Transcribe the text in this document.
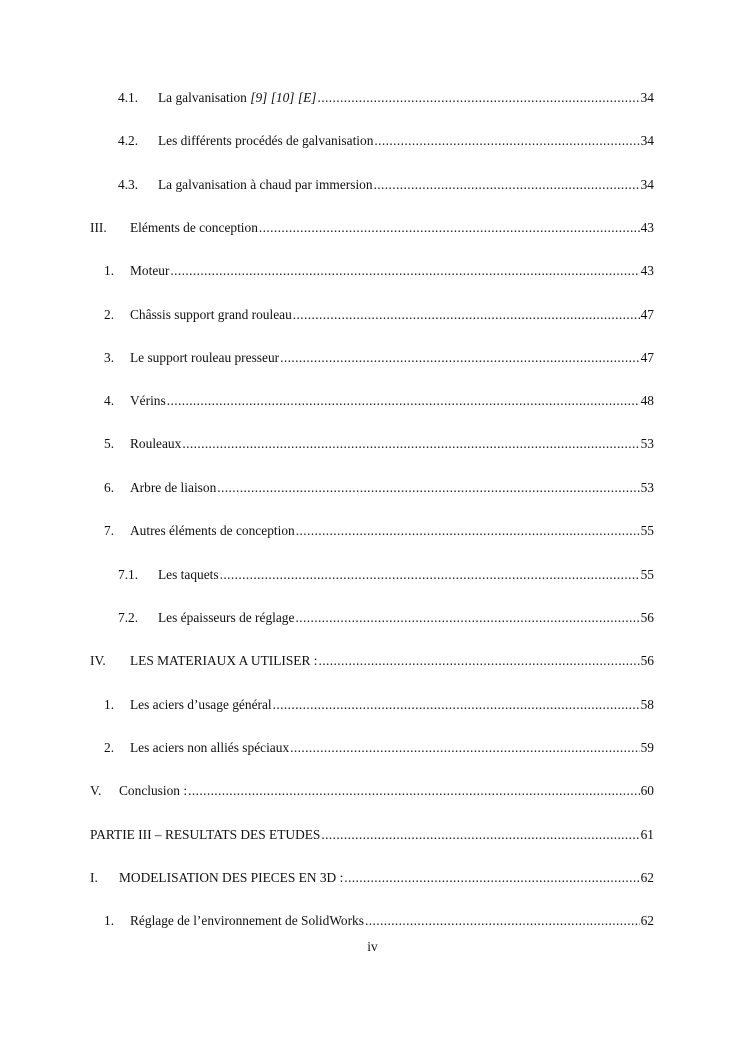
4.1.	La galvanisation [9] [10] [E] .....	34
4.2.	Les différents procédés de galvanisation .....	34
4.3.	La galvanisation à chaud par immersion .....	34
III.	Eléments de conception .....	43
1.	Moteur .....	43
2.	Châssis support grand rouleau .....	47
3.	Le support rouleau presseur .....	47
4.	Vérins .....	48
5.	Rouleaux .....	53
6.	Arbre de liaison .....	53
7.	Autres éléments de conception .....	55
7.1.	Les taquets .....	55
7.2.	Les épaisseurs de réglage .....	56
IV.	LES MATERIAUX A UTILISER : .....	56
1.	Les aciers d’usage général .....	58
2.	Les aciers non alliés spéciaux .....	59
V.	Conclusion : .....	60
PARTIE III – RESULTATS DES ETUDES .....	61
I.	MODELISATION DES PIECES EN 3D : .....	62
1.	Réglage de l’environnement de SolidWorks .....	62
iv
